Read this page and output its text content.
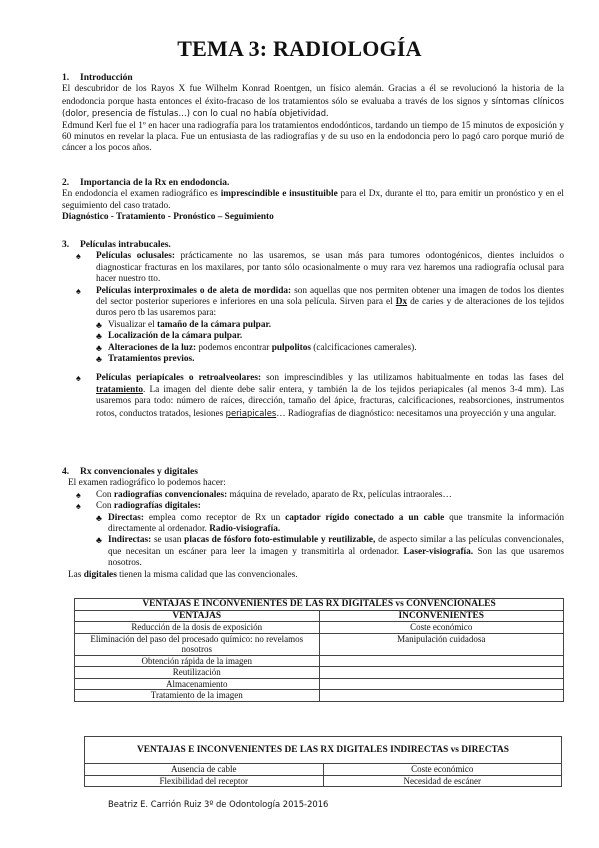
TEMA 3: RADIOLOGÍA

1. Introducción

El descubridor de los Rayos X fue Wilhelm Konrad Roentgen, un físico alemán. Gracias a él se revolucionó la historia de la endodoncia porque hasta entonces el éxito-fracaso de los tratamientos sólo se evaluaba a través de los signos y síntomas clínicos (dolor, presencia de fístulas…) con lo cual no había objetividad.

Edmund Kerl fue el 1º en hacer una radiografía para los tratamientos endodónticos, tardando un tiempo de 15 minutos de exposición y 60 minutos en revelar la placa. Fue un entusiasta de las radiografías y de su uso en la endodoncia pero lo pagó caro porque murió de cáncer a los pocos años.

2. Importancia de la Rx en endodoncia.

En endodoncia el examen radiográfico es imprescindible e insustituible para el Dx, durante el tto, para emitir un pronóstico y en el seguimiento del caso tratado.

Diagnóstico - Tratamiento - Pronóstico – Seguimiento

3. Películas intrabucales.

♠ Películas oclusales: prácticamente no las usaremos, se usan más para tumores odontogénicos, dientes incluidos o diagnosticar fracturas en los maxilares, por tanto sólo ocasionalmente o muy rara vez haremos una radiografía oclusal para hacer nuestro tto.

♠ Películas interproximales o de aleta de mordida: son aquellas que nos permiten obtener una imagen de todos los dientes del sector posterior superiores e inferiores en una sola película. Sirven para el Dx de caries y de alteraciones de los tejidos duros pero tb las usaremos para:

♣ Visualizar el tamaño de la cámara pulpar.

♣ Localización de la cámara pulpar.

♣ Alteraciones de la luz: podemos encontrar pulpolitos (calcificaciones camerales).

♣ Tratamientos previos.

♠ Películas periapicales o retroalveolares: son imprescindibles y las utilizamos habitualmente en todas las fases del tratamiento. La imagen del diente debe salir entera, y también la de los tejidos periapicales (al menos 3-4 mm). Las usaremos para todo: número de raíces, dirección, tamaño del ápice, fracturas, calcificaciones, reabsorciones, instrumentos rotos, conductos tratados, lesiones periapicales… Radiografías de diagnóstico: necesitamos una proyección y una angular.

4. Rx convencionales y digitales

El examen radiográfico lo podemos hacer:

♠ Con radiografías convencionales: máquina de revelado, aparato de Rx, películas intraorales…

♠ Con radiografías digitales:

♣ Directas: emplea como receptor de Rx un captador rígido conectado a un cable que transmite la información directamente al ordenador. Radio-visiografía.

♣ Indirectas: se usan placas de fósforo foto-estimulable y reutilizable, de aspecto similar a las películas convencionales, que necesitan un escáner para leer la imagen y transmitirla al ordenador. Laser-visiografía. Son las que usaremos nosotros.

Las digitales tienen la misma calidad que las convencionales.

VENTAJAS E INCONVENIENTES DE LAS RX DIGITALES vs CONVENCIONALES	
VENTAJAS	INCONVENIENTES
Reducción de la dosis de exposición	Coste económico
Eliminación del paso del procesado químico: no revelamos nosotros	Manipulación cuidadosa
Obtención rápida de la imagen	
Reutilización	
Almacenamiento	
Tratamiento de la imagen	
VENTAJAS E INCONVENIENTES DE LAS RX DIGITALES INDIRECTAS vs DIRECTAS	
Ausencia de cable	Coste económico
Flexibilidad del receptor	Necesidad de escáner
Beatriz E. Carrión Ruiz 3º de Odontología 2015-2016
